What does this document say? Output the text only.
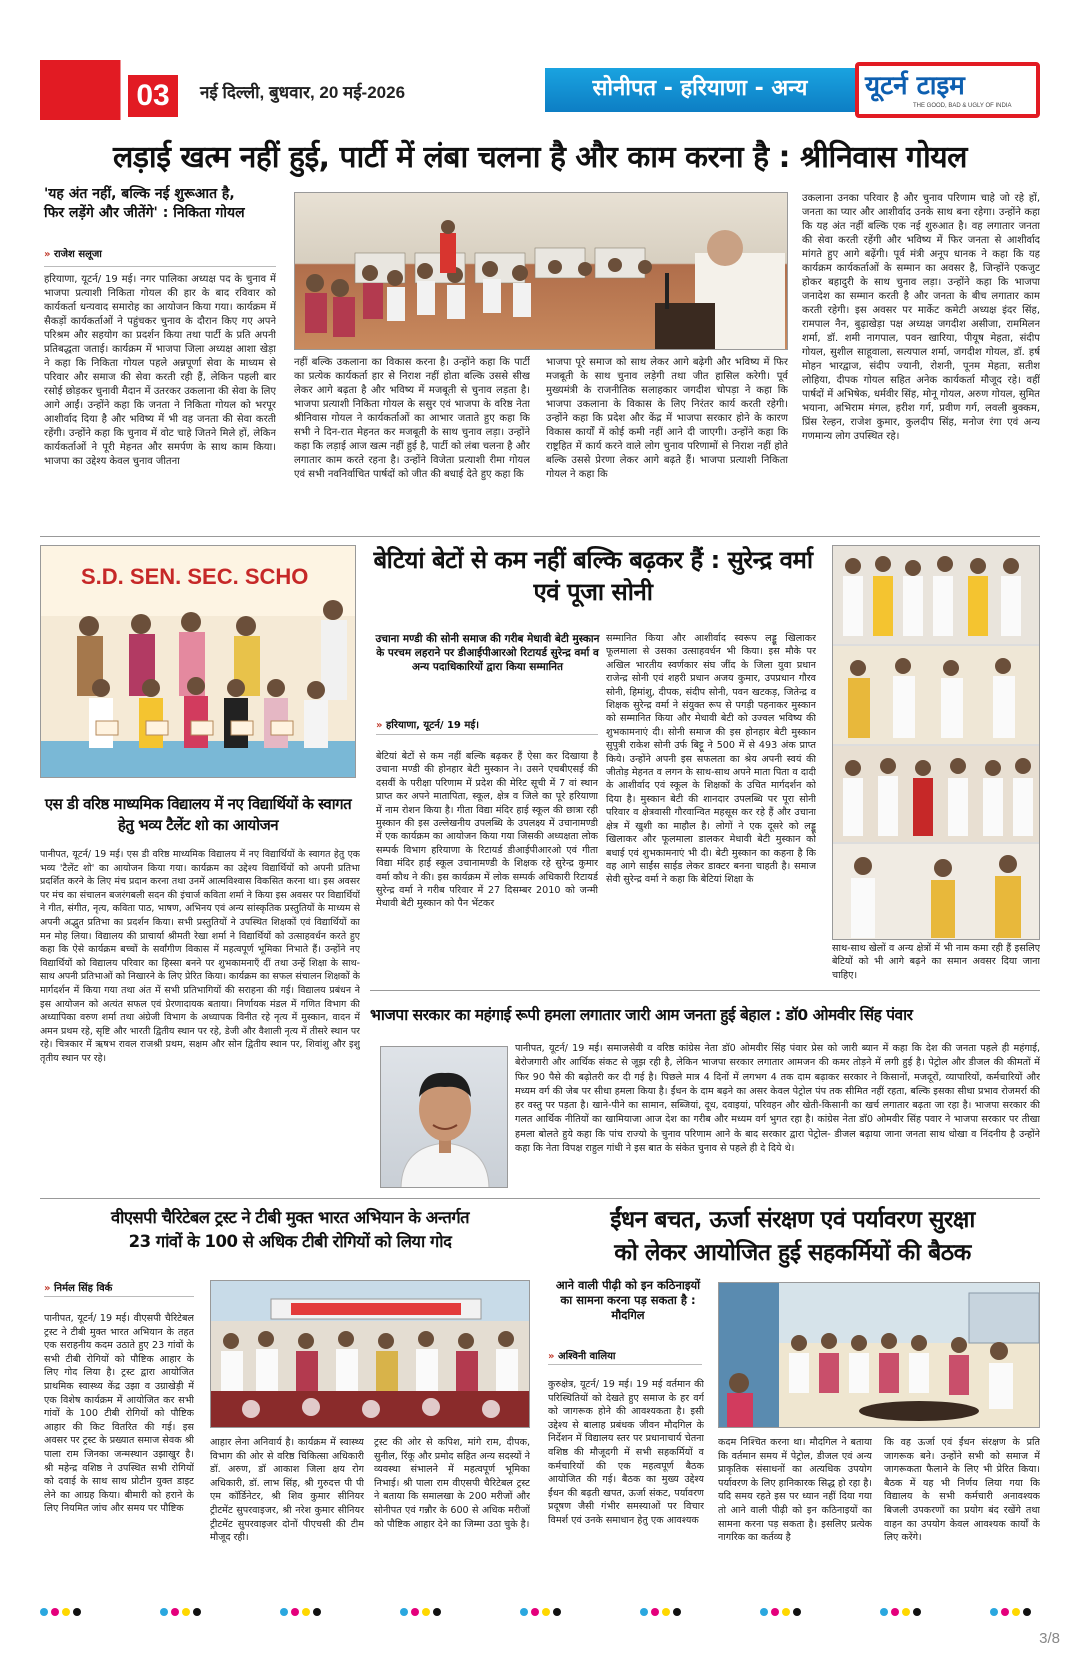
03	नई दिल्ली, बुधवार, 20 मई-2026	सोनीपत - हरियाणा - अन्य	यूटर्न टाइम
THE GOOD, BAD & UGLY OF INDIA
लड़ाई खत्म नहीं हुई, पार्टी में लंबा चलना है और काम करना है : श्रीनिवास गोयल
'यह अंत नहीं, बल्कि नई शुरूआत है,
फिर लड़ेंगे और जीतेंगे' : निकिता गोयल
» राजेश सलूजा
हरियाणा, यूटर्न/ 19 मई। नगर पालिका अध्यक्ष पद के चुनाव में भाजपा प्रत्याशी निकिता गोयल की हार के बाद रविवार को कार्यकर्ता धन्यवाद समारोह का आयोजन किया गया। कार्यक्रम में सैकड़ों कार्यकर्ताओं ने पहुंचकर चुनाव के दौरान किए गए अपने परिश्रम और सहयोग का प्रदर्शन किया तथा पार्टी के प्रति अपनी प्रतिबद्धता जताई। कार्यक्रम में भाजपा जिला अध्यक्ष आशा खेड़ा ने कहा कि निकिता गोयल पहले अन्नपूर्णा सेवा के माध्यम से परिवार और समाज की सेवा करती रही हैं, लेकिन पहली बार रसोई छोड़कर चुनावी मैदान में उतरकर उकलाना की सेवा के लिए आगे आईं। उन्होंने कहा कि जनता ने निकिता गोयल को भरपूर आशीर्वाद दिया है और भविष्य में भी वह जनता की सेवा करती रहेंगी। उन्होंने कहा कि चुनाव में वोट चाहे जितने मिले हों, लेकिन कार्यकर्ताओं ने पूरी मेहनत और समर्पण के साथ काम किया। भाजपा का उद्देश्य केवल चुनाव जीतना
नहीं बल्कि उकलाना का विकास करना है। उन्होंने कहा कि पार्टी का प्रत्येक कार्यकर्ता हार से निराश नहीं होता बल्कि उससे सीख लेकर आगे बढ़ता है और भविष्य में मजबूती से चुनाव लड़ता है। भाजपा प्रत्याशी निकिता गोयल के ससुर एवं भाजपा के वरिष्ठ नेता श्रीनिवास गोयल ने कार्यकर्ताओं का आभार जताते हुए कहा कि सभी ने दिन-रात मेहनत कर मजबूती के साथ चुनाव लड़ा। उन्होंने कहा कि लड़ाई आज खत्म नहीं हुई है, पार्टी को लंबा चलना है और लगातार काम करते रहना है। उन्होंने विजेता प्रत्याशी रीमा गोयल एवं सभी नवनिर्वाचित पार्षदों को जीत की बधाई देते हुए कहा कि
भाजपा पूरे समाज को साथ लेकर आगे बढ़ेगी और भविष्य में फिर मजबूती के साथ चुनाव लड़ेगी तथा जीत हासिल करेगी। पूर्व मुख्यमंत्री के राजनीतिक सलाहकार जगदीश चोपड़ा ने कहा कि भाजपा उकलाना के विकास के लिए निरंतर कार्य करती रहेगी। उन्होंने कहा कि प्रदेश और केंद्र में भाजपा सरकार होने के कारण विकास कार्यों में कोई कमी नहीं आने दी जाएगी। उन्होंने कहा कि राष्ट्रहित में कार्य करने वाले लोग चुनाव परिणामों से निराश नहीं होते बल्कि उससे प्रेरणा लेकर आगे बढ़ते हैं। भाजपा प्रत्याशी निकिता गोयल ने कहा कि
उकलाना उनका परिवार है और चुनाव परिणाम चाहे जो रहे हों, जनता का प्यार और आशीर्वाद उनके साथ बना रहेगा। उन्होंने कहा कि यह अंत नहीं बल्कि एक नई शुरुआत है। वह लगातार जनता की सेवा करती रहेंगी और भविष्य में फिर जनता से आशीर्वाद मांगते हुए आगे बढ़ेंगी। पूर्व मंत्री अनूप धानक ने कहा कि यह कार्यक्रम कार्यकर्ताओं के सम्मान का अवसर है, जिन्होंने एकजुट होकर बहादुरी के साथ चुनाव लड़ा। उन्होंने कहा कि भाजपा जनादेश का सम्मान करती है और जनता के बीच लगातार काम करती रहेगी। इस अवसर पर मार्केट कमेटी अध्यक्ष इंदर सिंह, रामपाल नैन, बुढ़ाखेड़ा पक्ष अध्यक्ष जगदीश असीजा, राममिलन शर्मा, डॉ. शमी नागपाल, पवन खारिया, पीयूष मेहता, संदीप गोयल, सुशील साहूवाला, सत्यपाल शर्मा, जगदीश गोयल, डॉ. हर्ष मोहन भारद्वाज, संदीप ज्यानी, रोशनी, पूनम मेहता, सतीश लोहिया, दीपक गोयल सहित अनेक कार्यकर्ता मौजूद रहे। वहीं पार्षदों में अभिषेक, धर्मवीर सिंह, मोनू गोयल, अरुण गोयल, सुमित भयाना, अभिराम मंगल, हरीश गर्ग, प्रवीण गर्ग, लवली बुक्कम, प्रिंस रेल्हन, राजेश कुमार, कुलदीप सिंह, मनोज रंगा एवं अन्य गणमान्य लोग उपस्थित रहे।
S.D. SEN. SEC. SCHO
एस डी वरिष्ठ माध्यमिक विद्यालय में नए विद्यार्थियों के स्वागत हेतु भव्य टैलेंट शो का आयोजन
पानीपत, यूटर्न/ 19 मई। एस डी वरिष्ठ माध्यमिक विद्यालय में नए विद्यार्थियों के स्वागत हेतु एक भव्य 'टैलेंट शो' का आयोजन किया गया। कार्यक्रम का उद्देश्य विद्यार्थियों को अपनी प्रतिभा प्रदर्शित करने के लिए मंच प्रदान करना तथा उनमें आत्मविश्वास विकसित करना था। इस अवसर पर मंच का संचालन बजरंगबली सदन की इंचार्ज कविता शर्मा ने किया इस अवसर पर विद्यार्थियों ने गीत, संगीत, नृत्य, कविता पाठ, भाषण, अभिनय एवं अन्य सांस्कृतिक प्रस्तुतियों के माध्यम से अपनी अद्भुत प्रतिभा का प्रदर्शन किया। सभी प्रस्तुतियों ने उपस्थित शिक्षकों एवं विद्यार्थियों का मन मोह लिया। विद्यालय की प्राचार्या श्रीमती रेखा शर्मा ने विद्यार्थियों को उत्साहवर्धन करते हुए कहा कि ऐसे कार्यक्रम बच्चों के सर्वांगीण विकास में महत्वपूर्ण भूमिका निभाते हैं। उन्होंने नए विद्यार्थियों को विद्यालय परिवार का हिस्सा बनने पर शुभकामनाएँ दीं तथा उन्हें शिक्षा के साथ-साथ अपनी प्रतिभाओं को निखारने के लिए प्रेरित किया। कार्यक्रम का सफल संचालन शिक्षकों के मार्गदर्शन में किया गया तथा अंत में सभी प्रतिभागियों की सराहना की गई। विद्यालय प्रबंधन ने इस आयोजन को अत्यंत सफल एवं प्रेरणादायक बताया। निर्णायक मंडल में गणित विभाग की अध्यापिका वरुण शर्मा तथा अंग्रेजी विभाग के अध्यापक विनीत रहे नृत्य में मुस्कान, वादन में अमन प्रथम रहे, सृष्टि और भारती द्वितीय स्थान पर रहे, डेजी और वैशाली नृत्य में तीसरे स्थान पर रहे। चित्रकार में ऋषभ रावल राजश्री प्रथम, सक्षम और सोन द्वितीय स्थान पर, शिवांशु और इशु तृतीय स्थान पर रहे।
बेटियां बेटों से कम नहीं बल्कि बढ़कर हैं : सुरेन्द्र वर्मा एवं पूजा सोनी
उचाना मण्डी की सोनी समाज की गरीब मेधावी बेटी मुस्कान के परचम लहराने पर डीआईपीआरओ रिटायर्ड सुरेन्द्र वर्मा व अन्य पदाधिकारियों द्वारा किया सम्मानित
» हरियाणा, यूटर्न/ 19 मई।
बेटियां बेटों से कम नहीं बल्कि बढ़कर हैं ऐसा कर दिखाया है उचाना मण्डी की होनहार बेटी मुस्कान ने। उसने एचबीएसई की दसवीं के परीक्षा परिणाम में प्रदेश की मेरिट सूची में 7 वां स्थान प्राप्त कर अपने मातापिता, स्कूल, क्षेत्र व जिले का पूरे हरियाणा में नाम रोशन किया है। गीता विद्या मंदिर हाई स्कूल की छात्रा रही मुस्कान की इस उल्लेखनीय उपलब्धि के उपलक्ष्य में उचानामण्डी में एक कार्यक्रम का आयोजन किया गया जिसकी अध्यक्षता लोक सम्पर्क विभाग हरियाणा के रिटायर्ड डीआईपीआरओ एवं गीता विद्या मंदिर हाई स्कूल उचानामण्डी के शिक्षक रहे सुरेन्द्र कुमार वर्मा कौथ ने की। इस कार्यक्रम में लोक सम्पर्क अधिकारी रिटायर्ड सुरेन्द्र वर्मा ने गरीब परिवार में 27 दिसम्बर 2010 को जन्मी मेधावी बेटी मुस्कान को पैन भेंटकर
सम्मानित किया और आशीर्वाद स्वरूप लड्डू खिलाकर फूलमाला से उसका उत्साहवर्धन भी किया। इस मौके पर अखिल भारतीय स्वर्णकार संघ जींद के जिला युवा प्रधान राजेन्द्र सोनी एवं शहरी प्रधान अजय कुमार, उपप्रधान गौरव सोनी, हिमांशु, दीपक, संदीप सोनी, पवन खटकड़, जितेन्द्र व शिक्षक सुरेन्द्र वर्मा ने संयुक्त रूप से पगड़ी पहनाकर मुस्कान को सम्मानित किया और मेधावी बेटी को उज्वल भविष्य की शुभकामनाएं दी। सोनी समाज की इस होनहार बेटी मुस्कान सुपुत्री राकेश सोनी उर्फ बिट्टू ने 500 में से 493 अंक प्राप्त किये। उन्होंने अपनी इस सफलता का श्रेय अपनी स्वयं की जीतोड़ मेहनत व लगन के साथ-साथ अपने माता पिता व दादी के आशीर्वाद एवं स्कूल के शिक्षकों के उचित मार्गदर्शन को दिया है। मुस्कान बेटी की शानदार उपलब्धि पर पूरा सोनी परिवार व क्षेत्रवासी गौरवान्वित महसूस कर रहे हैं और उचाना क्षेत्र में खुशी का माहौल है। लोगों ने एक दूसरे को लड्डू खिलाकर और फूलमाला डालकर मेधावी बेटी मुस्कान को बधाई एवं शुभकामनाएं भी दी। बेटी मुस्कान का कहना है कि वह आगे साईंस साईड लेकर डाक्टर बनना चाहती है। समाज सेवी सुरेन्द्र वर्मा ने कहा कि बेटियां शिक्षा के
साथ-साथ खेलों व अन्य क्षेत्रों में भी नाम कमा रही हैं इसलिए बेटियों को भी आगे बढ़ने का समान अवसर दिया जाना चाहिए।
भाजपा सरकार का महंगाई रूपी हमला लगातार जारी आम जनता हुई बेहाल : डॉ0 ओमवीर सिंह पंवार
पानीपत, यूटर्न/ 19 मई। समाजसेवी व वरिष्ठ कांग्रेस नेता डॉ0 ओमवीर सिंह पंवार प्रेस को जारी ब्यान में कहा कि देश की जनता पहले ही महंगाई, बेरोजगारी और आर्थिक संकट से जूझ रही है, लेकिन भाजपा सरकार लगातार आमजन की कमर तोड़ने में लगी हुई है। पेट्रोल और डीजल की कीमतों में फिर 90 पैसे की बढ़ोतरी कर दी गई है। पिछले मात्र 4 दिनों में लगभग 4 तक दाम बढ़ाकर सरकार ने किसानों, मजदूरों, व्यापारियों, कर्मचारियों और मध्यम वर्ग की जेब पर सीधा हमला किया है। ईंधन के दाम बढ़ने का असर केवल पेट्रोल पंप तक सीमित नहीं रहता, बल्कि इसका सीधा प्रभाव रोजमर्रा की हर वस्तु पर पड़ता है। खाने-पीने का सामान, सब्जियां, दूध, दवाइयां, परिवहन और खेती-किसानी का खर्च लगातार बढ़ता जा रहा है। भाजपा सरकार की गलत आर्थिक नीतियों का खामियाजा आज देश का गरीब और मध्यम वर्ग भुगत रहा है। कांग्रेस नेता डॉ0 ओमवीर सिंह पवार ने भाजपा सरकार पर तीखा हमला बोलते हुये कहा कि पांच राज्यो के चुनाव परिणाम आने के बाद सरकार द्वारा पेट्रोल- डीजल बढ़ाया जाना जनता साथ धोखा व निंदनीय है उन्होंने कहा कि नेता विपक्ष राहुल गांधी ने इस बात के संकेत चुनाव से पहले ही दे दिये थे।
वीएसपी चैरिटेबल ट्रस्ट ने टीबी मुक्त भारत अभियान के अन्तर्गत
23 गांवों के 100 से अधिक टीबी रोगियों को लिया गोद
» निर्मल सिंह विर्क
पानीपत, यूटर्न/ 19 मई। वीएसपी चैरिटेबल ट्रस्ट ने टीबी मुक्त भारत अभियान के तहत एक सराहनीय कदम उठाते हुए 23 गांवों के सभी टीबी रोगियों को पौष्टिक आहार के लिए गोद लिया है। ट्रस्ट द्वारा आयोजित प्राथमिक स्वास्थ्य केंद्र उझा व उग्राखेड़ी में एक विशेष कार्यक्रम में आयोजित कर सभी गांवों के 100 टीबी रोगियों को पौष्टिक आहार की किट वितरित की गई। इस अवसर पर ट्रस्ट के प्रख्यात समाज सेवक श्री पाला राम जिनका जन्मस्थान उझाखुर है। श्री महेन्द्र वशिष्ठ ने उपस्थित सभी रोगियों को दवाई के साथ साथ प्रोटीन युक्त डाइट लेने का आग्रह किया। बीमारी को हराने के लिए नियमित जांच और समय पर पौष्टिक
आहार लेना अनिवार्य है। कार्यक्रम में स्वास्थ्य विभाग की ओर से वरिष्ठ चिकित्सा अधिकारी डॉ. अरुण, डॉ आकाश जिला क्षय रोग अधिकारी, डॉ. लाभ सिंह, श्री गुरुदत्त पी पी एम कॉर्डिनेटर, श्री शिव कुमार सीनियर ट्रीटमेंट सुपरवाइजर, श्री नरेश कुमार सीनियर ट्रीटमेंट सुपरवाइजर दोनों पीएचसी की टीम मौजूद रही।
ट्रस्ट की ओर से कपिश, मांगे राम, दीपक, सुनील, रिंकू और प्रमोद सहित अन्य सदस्यों ने व्यवस्था संभालने में महत्वपूर्ण भूमिका निभाई। श्री पाला राम वीएसपी चैरिटेबल ट्रस्ट ने बताया कि समालखा के 200 मरीजों और सोनीपत एवं गन्नौर के 600 से अधिक मरीजों को पौष्टिक आहार देने का जिम्मा उठा चुके है।
ईंधन बचत, ऊर्जा संरक्षण एवं पर्यावरण सुरक्षा
को लेकर आयोजित हुई सहकर्मियों की बैठक
आने वाली पीढ़ी को इन कठिनाइयों का सामना करना पड़ सकता है : मौदगिल
» अश्विनी वालिया
कुरुक्षेत्र, यूटर्न/ 19 मई। 19 मई वर्तमान की परिस्थितियों को देखते हुए समाज के हर वर्ग को जागरूक होने की आवश्यकता है। इसी उद्देश्य से बालाह प्रबंधक जीवन मौदगिल के निर्देशन में विद्यालय स्तर पर प्रधानाचार्य चेतना वशिष्ठ की मौजूदगी में सभी सहकर्मियों व कर्मचारियों की एक महत्वपूर्ण बैठक आयोजित की गई। बैठक का मुख्य उद्देश्य ईंधन की बढ़ती खपत, ऊर्जा संकट, पर्यावरण प्रदूषण जैसी गंभीर समस्याओं पर विचार विमर्श एवं उनके समाधान हेतु एक आवश्यक
कदम निश्चित करना था। मौदगिल ने बताया कि वर्तमान समय में पेट्रोल, डीजल एवं अन्य प्राकृतिक संसाधनों का अत्यधिक उपयोग पर्यावरण के लिए हानिकारक सिद्ध हो रहा है। यदि समय रहते इस पर ध्यान नहीं दिया गया तो आने वाली पीढ़ी को इन कठिनाइयों का सामना करना पड़ सकता है। इसलिए प्रत्येक नागरिक का कर्तव्य है
कि वह ऊर्जा एवं ईंधन संरक्षण के प्रति जागरूक बने। उन्होंने सभी को समाज में जागरूकता फैलाने के लिए भी प्रेरित किया। बैठक में यह भी निर्णय लिया गया कि विद्यालय के सभी कर्मचारी अनावश्यक बिजली उपकरणों का प्रयोग बंद रखेंगे तथा वाहन का उपयोग केवल आवश्यक कार्यों के लिए करेंगे।
3/8
